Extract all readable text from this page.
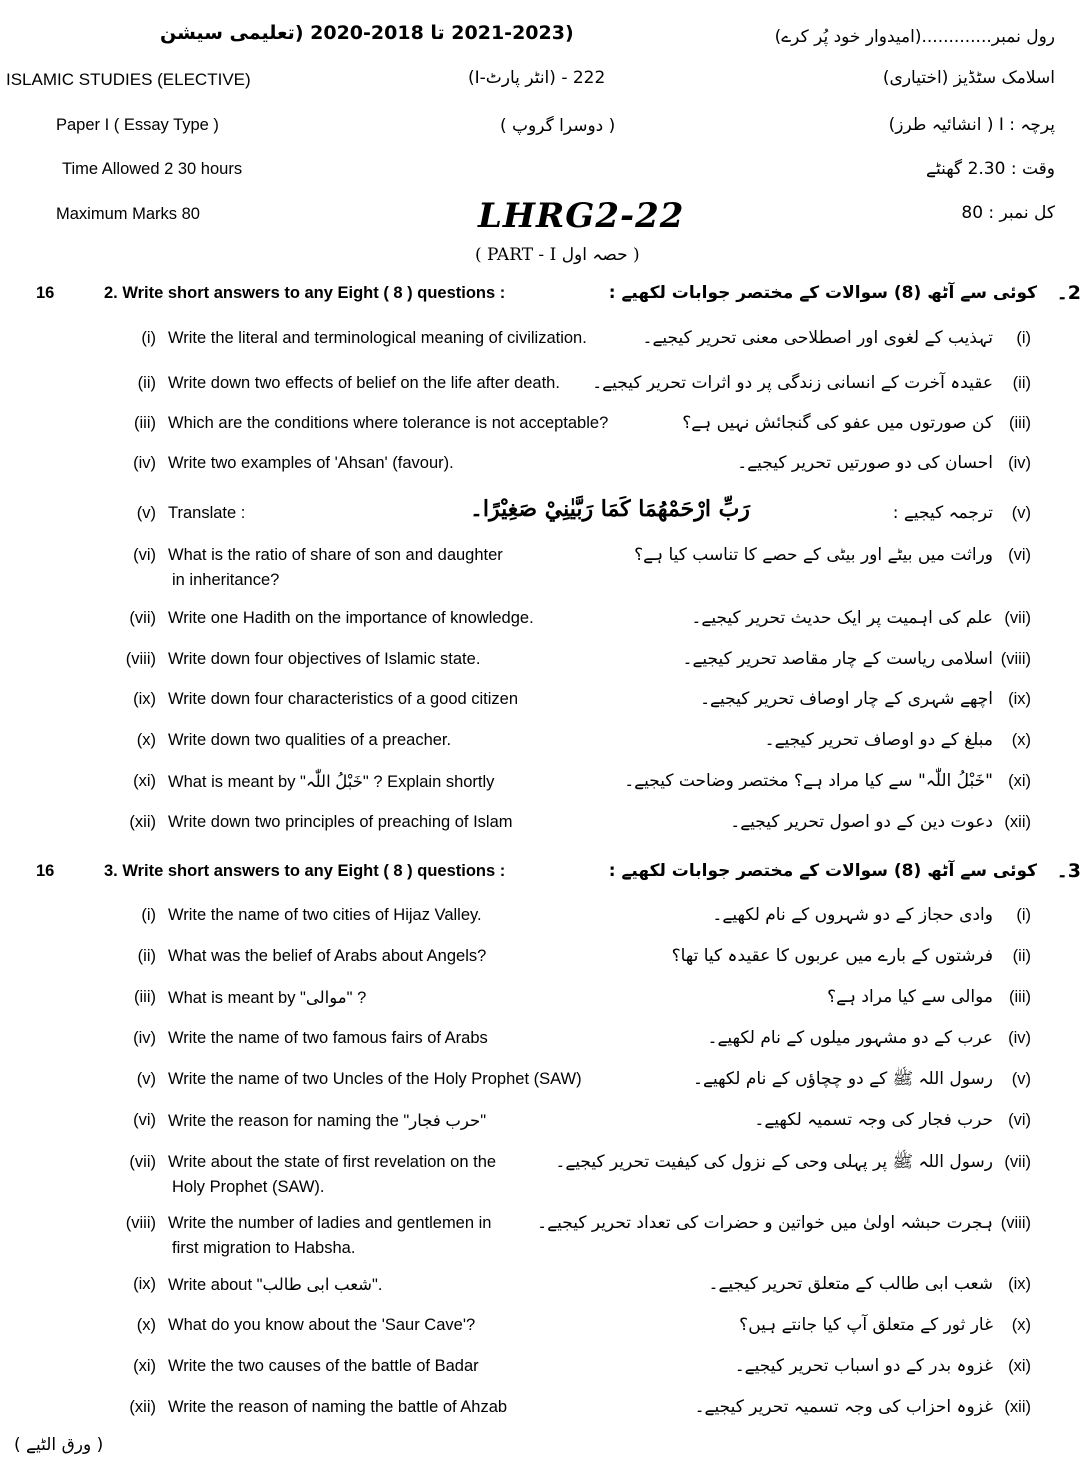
(2021-2023 تا 2018-2020 (تعلیمی سیشن	رول نمبر.............(امیدوار خود پُر کرے)
ISLAMIC STUDIES (ELECTIVE)	222 - (انٹر پارٹ-I)	اسلامک سٹڈیز (اختیاری)
Paper I ( Essay Type )	( دوسرا گروپ )	پرچہ : I ( انشائیہ طرز)
Time Allowed 2 30 hours	وقت : 2.30 گھنٹے
Maximum Marks 80	LHRG2-22	کل نمبر : 80
( PART - I حصہ اول )
16	2. Write short answers to any Eight ( 8 ) questions :	کوئی سے آٹھ (8) سوالات کے مختصر جوابات لکھیے : 2۔
(i) Write the literal and terminological meaning of civilization.	تہذیب کے لغوی اور اصطلاحی معنی تحریر کیجیے۔ (i)
(ii) Write down two effects of belief on the life after death. عقیدہ آخرت کے انسانی زندگی پر دو اثرات تحریر کیجیے۔ (ii)
(iii) Which are the conditions where tolerance is not acceptable?	کن صورتوں میں عفو کی گنجائش نہیں ہے؟ (iii)
(iv) Write two examples of 'Ahsan' (favour).	احسان کی دو صورتیں تحریر کیجیے۔ (iv)
(v) Translate :	رَبِّ ارْحَمْهُمَا كَمَا رَبَّيٰنِيْ صَغِيْرًا۔	ترجمہ کیجیے : (v)
(vi) What is the ratio of share of son and daughter
in inheritance?
وراثت میں بیٹے اور بیٹی کے حصے کا تناسب کیا ہے؟ (vi)
(vii) Write one Hadith on the importance of knowledge.	علم کی اہمیت پر ایک حدیث تحریر کیجیے۔ (vii)
(viii) Write down four objectives of Islamic state.	اسلامی ریاست کے چار مقاصد تحریر کیجیے۔ (viii)
(ix) Write down four characteristics of a good citizen	اچھے شہری کے چار اوصاف تحریر کیجیے۔ (ix)
(x) Write down two qualities of a preacher.	مبلغ کے دو اوصاف تحریر کیجیے۔ (x)
(xi) What is meant by "خَبْلُ اللّٰہ" ? Explain shortly	"خَبْلُ اللّٰہ" سے کیا مراد ہے؟ مختصر وضاحت کیجیے۔ (xi)
(xii) Write down two principles of preaching of Islam	دعوت دین کے دو اصول تحریر کیجیے۔ (xii)
16	3. Write short answers to any Eight ( 8 ) questions :	کوئی سے آٹھ (8) سوالات کے مختصر جوابات لکھیے : 3۔
(i) Write the name of two cities of Hijaz Valley.	وادی حجاز کے دو شہروں کے نام لکھیے۔ (i)
(ii) What was the belief of Arabs about Angels?	فرشتوں کے بارے میں عربوں کا عقیدہ کیا تھا؟ (ii)
(iii) What is meant by "موالی" ?	موالی سے کیا مراد ہے؟ (iii)
(iv) Write the name of two famous fairs of Arabs	عرب کے دو مشہور میلوں کے نام لکھیے۔ (iv)
(v) Write the name of two Uncles of the Holy Prophet (SAW)	رسول اللہ ﷺ کے دو چچاؤں کے نام لکھیے۔ (v)
(vi) Write the reason for naming the "حرب فجار"	حرب فجار کی وجہ تسمیہ لکھیے۔ (vi)
(vii) Write about the state of first revelation on the
Holy Prophet (SAW).
رسول اللہ ﷺ پر پہلی وحی کے نزول کی کیفیت تحریر کیجیے۔ (vii)
(viii) Write the number of ladies and gentlemen in
first migration to Habsha.
ہجرت حبشہ اولیٰ میں خواتین و حضرات کی تعداد تحریر کیجیے۔ (viii)
(ix) Write about "شعب ابی طالب".	شعب ابی طالب کے متعلق تحریر کیجیے۔ (ix)
(x) What do you know about the 'Saur Cave'?	غار ثور کے متعلق آپ کیا جانتے ہیں؟ (x)
(xi) Write the two causes of the battle of Badar	غزوہ بدر کے دو اسباب تحریر کیجیے۔ (xi)
(xii) Write the reason of naming the battle of Ahzab	غزوہ احزاب کی وجہ تسمیہ تحریر کیجیے۔ (xii)
( ورق الٹیے )
